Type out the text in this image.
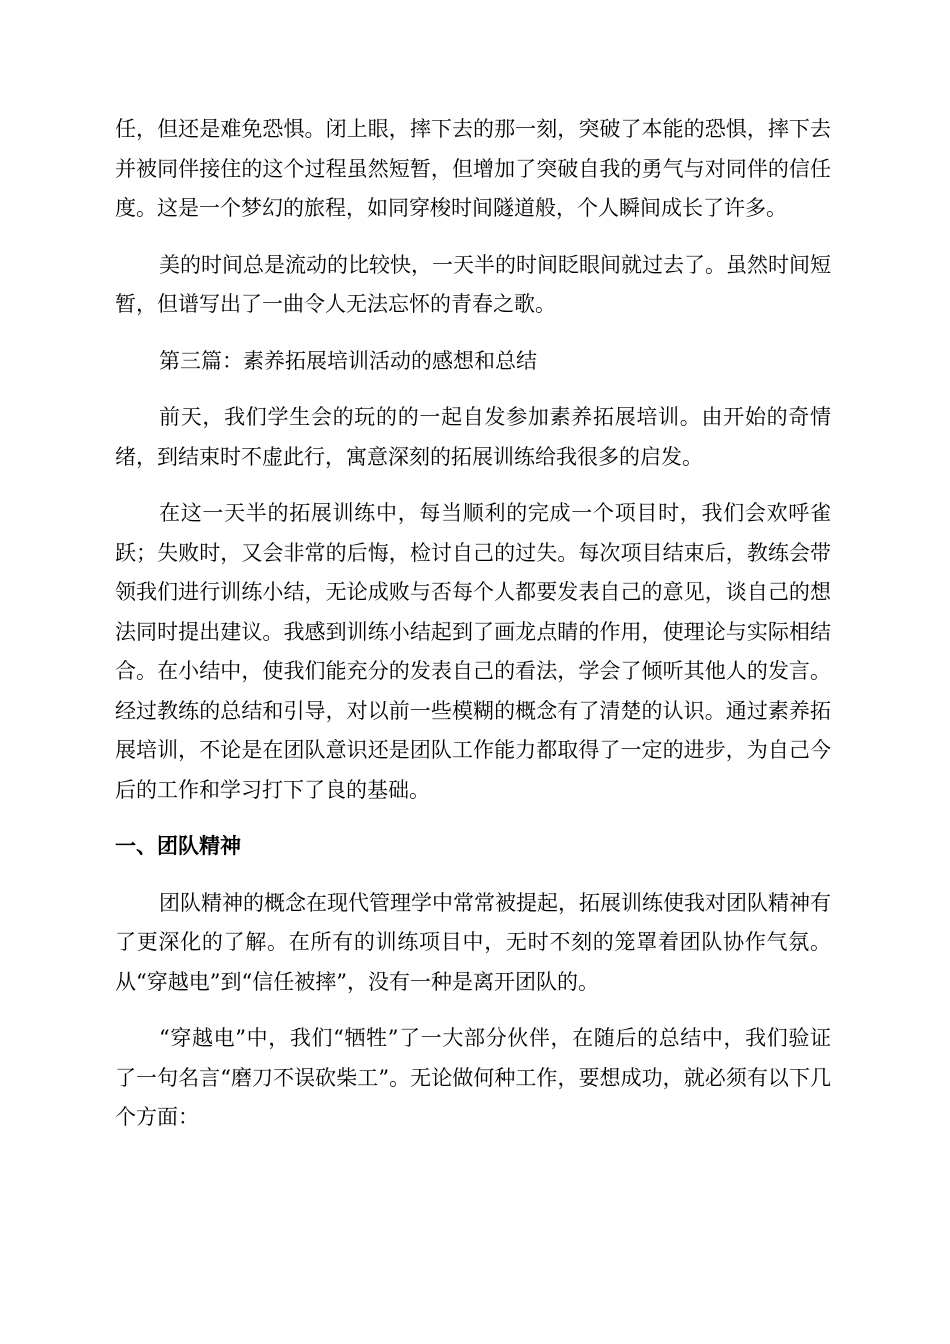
任，但还是难免恐惧。闭上眼，摔下去的那一刻，突破了本能的恐惧，摔下去并被同伴接住的这个过程虽然短暂，但增加了突破自我的勇气与对同伴的信任度。这是一个梦幻的旅程，如同穿梭时间隧道般，个人瞬间成长了许多。

美的时间总是流动的比较快，一天半的时间眨眼间就过去了。虽然时间短暂，但谱写出了一曲令人无法忘怀的青春之歌。

第三篇：素养拓展培训活动的感想和总结

前天，我们学生会的玩的的一起自发参加素养拓展培训。由开始的奇情绪，到结束时不虚此行，寓意深刻的拓展训练给我很多的启发。

在这一天半的拓展训练中，每当顺利的完成一个项目时，我们会欢呼雀跃；失败时，又会非常的后悔，检讨自己的过失。每次项目结束后，教练会带领我们进行训练小结，无论成败与否每个人都要发表自己的意见，谈自己的想法同时提出建议。我感到训练小结起到了画龙点睛的作用，使理论与实际相结合。在小结中，使我们能充分的发表自己的看法，学会了倾听其他人的发言。经过教练的总结和引导，对以前一些模糊的概念有了清楚的认识。通过素养拓展培训，不论是在团队意识还是团队工作能力都取得了一定的进步，为自己今后的工作和学习打下了良的基础。

一、团队精神

团队精神的概念在现代管理学中常常被提起，拓展训练使我对团队精神有了更深化的了解。在所有的训练项目中，无时不刻的笼罩着团队协作气氛。从“穿越电”到“信任被摔”，没有一种是离开团队的。

“穿越电”中，我们“牺牲”了一大部分伙伴，在随后的总结中，我们验证了一句名言“磨刀不误砍柴工”。无论做何种工作，要想成功，就必须有以下几个方面：
